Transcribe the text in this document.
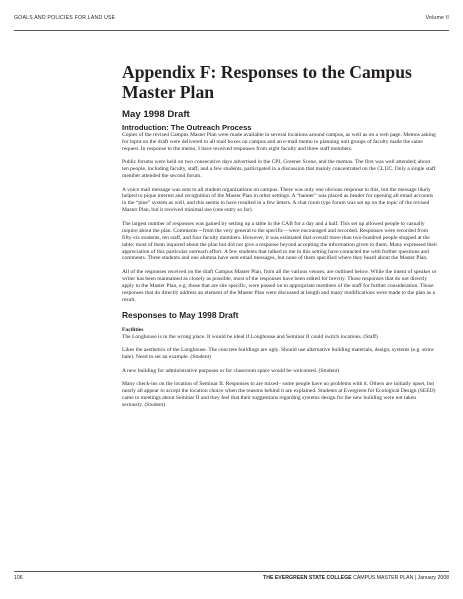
GOALS AND POLICIES FOR LAND USE	Volume II
Appendix F: Responses to the Campus Master Plan
May 1998 Draft
Introduction: The Outreach Process

Copies of the revised Campus Master Plan were made available in several locations around campus, as well as on a web page. Memos asking for input on the draft were delivered to all mail boxes on campus and an e-mail memo to planning unit groups of faculty made the same request. In response to the memo, I have received responses from eight faculty and three staff members.

Public forums were held on two consecutive days advertised in the CPJ, Greener Scene, and the memos. The first was well attended; about ten people, including faculty, staff, and a few students, participated in a discussion that mainly concentrated on the CLUC. Only a single staff member attended the second forum.

A voice mail message was sent to all student organizations on campus. There was only one obvious response to this, but the message likely helped to pique interest and recognition of the Master Plan in other settings. A “banner” was placed as header for opening all email accounts in the “pine” system as well, and this seems to have resulted in a few letters. A chat room type forum was set up on the topic of the revised Master Plan, but it received minimal use (one entry so far).

The largest number of responses was gained by setting up a table in the CAB for a day and a half. This set up allowed people to casually inquire about the plan. Comments—from the very general to the specific—were encouraged and recorded. Responses were recorded from fifty-six students, ten staff, and four faculty members. However, it was estimated that overall more than two-hundred people stopped at the table; most of them inquired about the plan but did not give a response beyond accepting the information given to them. Many expressed their appreciation of this particular outreach effort. A few students that talked to me in this setting have contacted me with further questions and comments. Three students and one alumna have sent email messages, but none of them specified where they heard about the Master Plan.

All of the responses received on the draft Campus Master Plan, from all the various venues, are outlined below. While the intent of speaker or writer has been maintained as closely as possible, most of the responses have been edited for brevity. Those responses that do not directly apply to the Master Plan, e.g. those that are site specific, were passed on to appropriate members of the staff for further consideration. Those responses that do directly address an element of the Master Plan were discussed at length and many modifications were made to the plan as a result.

Responses to May 1998 Draft
Facilities

The Longhouse is in the wrong place. It would be ideal if Longhouse and Seminar II could switch locations. (Staff)

Likes the aesthetics of the Longhouse. The concrete buildings are ugly. Should use alternative building materials, design, systems (e.g. straw bale). Need to set an example. (Student)

A new building for administrative purposes or for classroom space would be welcomed. (Student)

Many check-ins on the location of Seminar II. Responses to are mixed– some people have no problems with it. Others are initially upset, but nearly all appear to accept the location choice when the reasons behind it are explained. Students at Evergreen for Ecological Design (SEED) came to meetings about Seminar II and they feel that their suggestions regarding systems design for the new building were not taken seriously. (Student)

106	THE EVERGREEN STATE COLLEGE CAMPUS MASTER PLAN | January 2008
